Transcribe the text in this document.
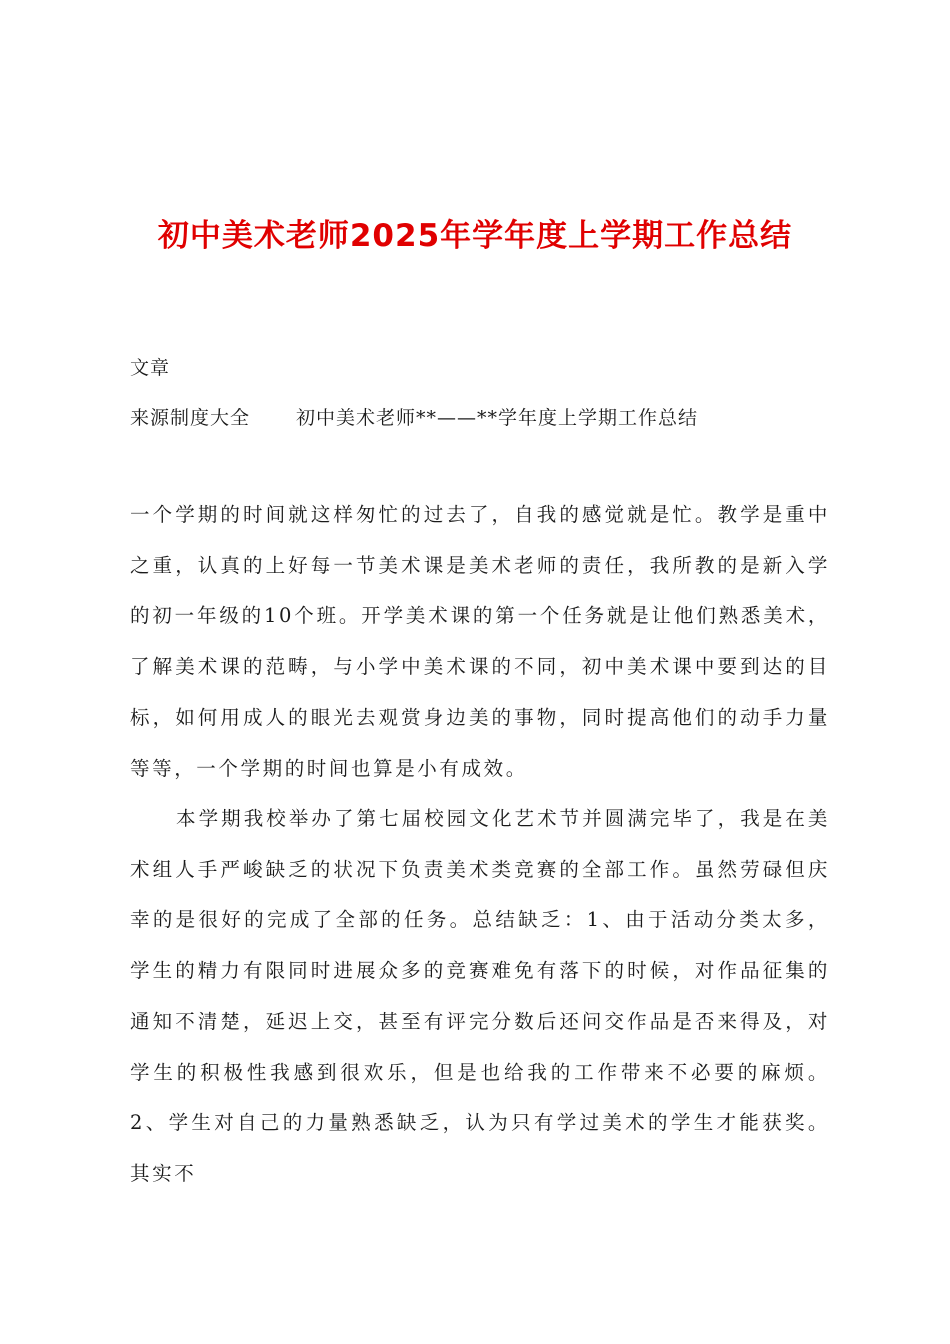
初中美术老师2025年学年度上学期工作总结
文章
来源制度大全 初中美术老师**——**学年度上学期工作总结

一个学期的时间就这样匆忙的过去了，自我的感觉就是忙。教学是重中之重，认真的上好每一节美术课是美术老师的责任，我所教的是新入学的初一年级的10个班。开学美术课的第一个任务就是让他们熟悉美术，了解美术课的范畴，与小学中美术课的不同，初中美术课中要到达的目标，如何用成人的眼光去观赏身边美的事物，同时提高他们的动手力量等等，一个学期的时间也算是小有成效。

本学期我校举办了第七届校园文化艺术节并圆满完毕了，我是在美术组人手严峻缺乏的状况下负责美术类竞赛的全部工作。虽然劳碌但庆幸的是很好的完成了全部的任务。总结缺乏：1、由于活动分类太多，学生的精力有限同时进展众多的竞赛难免有落下的时候，对作品征集的通知不清楚，延迟上交，甚至有评完分数后还问交作品是否来得及，对学生的积极性我感到很欢乐，但是也给我的工作带来不必要的麻烦。2、学生对自己的力量熟悉缺乏，认为只有学过美术的学生才能获奖。其实不
